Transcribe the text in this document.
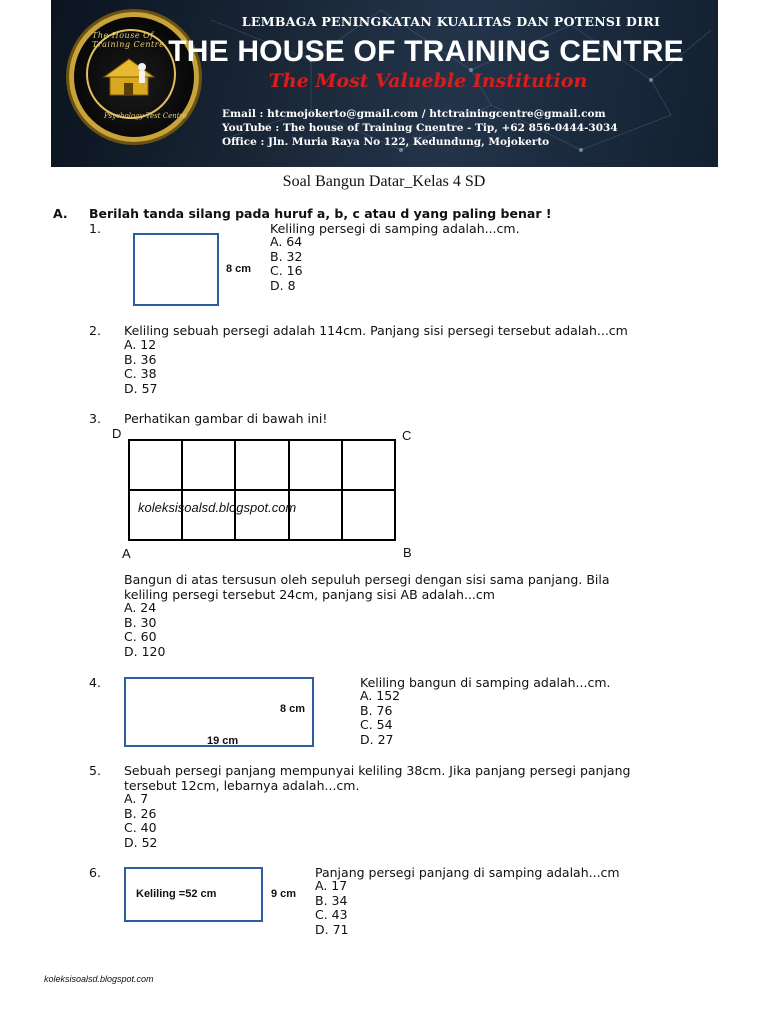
The House Of Training Centre
Psychology Test Centre
LEMBAGA PENINGKATAN KUALITAS DAN POTENSI DIRI
THE HOUSE OF TRAINING CENTRE
The Most Valueble Institution
Email : htcmojokerto@gmail.com / htctrainingcentre@gmail.com
YouTube : The house of Training Cnentre - Tip, +62 856-0444-3034
Office : Jln. Muria Raya No 122, Kedundung, Mojokerto
Soal Bangun Datar_Kelas 4 SD
A. Berilah tanda silang pada huruf a, b, c atau d yang paling benar !
1.
8 cm
Keliling persegi di samping adalah...cm.
A. 64
B. 32
C. 16
D. 8
2. Keliling sebuah persegi adalah 114cm. Panjang sisi persegi tersebut adalah...cm
A. 12
B. 36
C. 38
D. 57
3. Perhatikan gambar di bawah ini!
D	C
koleksisoalsd.blogspot.com
A	B
Bangun di atas tersusun oleh sepuluh persegi dengan sisi sama panjang. Bila
keliling persegi tersebut 24cm, panjang sisi AB adalah...cm
A. 24
B. 30
C. 60
D. 120
4.
8 cm
19 cm
Keliling bangun di samping adalah...cm.
A. 152
B. 76
C. 54
D. 27
5. Sebuah persegi panjang mempunyai keliling 38cm. Jika panjang persegi panjang
tersebut 12cm, lebarnya adalah...cm.
A. 7
B. 26
C. 40
D. 52
6.
Keliling =52 cm	9 cm
Panjang persegi panjang di samping adalah...cm
A. 17
B. 34
C. 43
D. 71
koleksisoalsd.blogspot.com
